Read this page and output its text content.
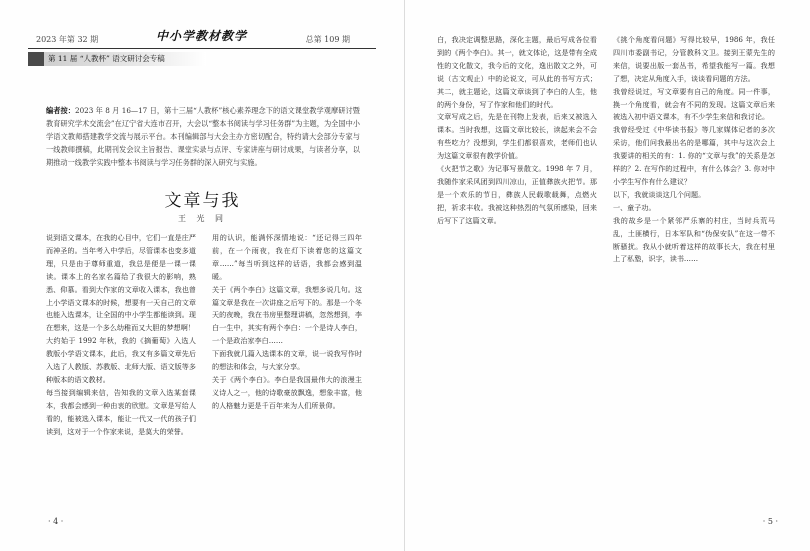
2023 年第 32 期	中小学教材教学	总第 109 期
第 11 届 “人教杯” 语文研讨会专稿
编者按：2023 年 8 月 16—17 日，第十三届“人教杯”核心素养理念下的语文课堂教学观摩研讨暨教育研究学术交流会”在辽宁省大连市召开，大会以“整本书阅读与学习任务群”为主题，为全国中小学语文教师搭建教学交流与展示平台。本刊编辑部与大会主办方密切配合，特约请大会部分专家与一线教师撰稿，此期刊发会议主旨报告、课堂实录与点评、专家讲座与研讨成果，与读者分享，以期推动一线教学实践中整本书阅读与学习任务群的深入研究与实施。
文章与我
王 光 同
说到语文课本，在我的心目中，它们一直是庄严而神圣的。当年考入中学后，尽管课本也变多道理，只是由于尊师重道，我总是便是一课一课读。课本上的名家名篇给了我很大的影响，熟悉、仰慕。看到大作家的文章收入课本，我也曾上小学语文课本的时候，想要有一天自己的文章也能入选课本，让全国的中小学生都能读到。现在想来，这是一个多么幼稚而又大胆的梦想啊！
大约始于 1992 年秋，我的《摘葡萄》入选人教版小学语文课本，此后，我又有多篇文章先后入选了人教版、苏教版、北师大版、语文版等多种版本的语文教材。
每当接到编辑来信，告知我的文章入选某套课本，我都会感到一种由衷的欣慰。文章是写给人看的，能被选入课本，能让一代又一代的孩子们读到，这对于一个作家来说，是莫大的荣誉。
用的认识，能满怀深情地说：“还记得三四年前，在一个雨夜，我在灯下读着您的这篇文章……”每当听到这样的话语，我都会感到温暖。
关于《两个李白》这篇文章，我想多说几句。这篇文章是我在一次讲座之后写下的。那是一个冬天的夜晚，我在书房里整理讲稿，忽然想到，李白一生中，其实有两个李白：一个是诗人李白，一个是政治家李白……
下面我就几篇入选课本的文章，说一说我写作时的想法和体会，与大家分享。
关于《两个李白》。李白是我国最伟大的浪漫主义诗人之一，他的诗歌豪放飘逸，想象丰富，他的人格魅力更是千百年来为人们所景仰。
· 4 ·
白，我决定调整思路，深化主题，最后写成各位看到的《两个李白》。其一，就文体论，这是带有全成性的文化散文，我今后的文化，逸出散文之外，可说（古文观止）中的论说文，可从此的书写方式；其二，就主题论，这篇文章谈到了李白的人生，他的两个身份，写了作家和他们的时代。
文章写成之后，先是在刊物上发表，后来又被选入课本。当时我想，这篇文章比较长，读起来会不会有些吃力？没想到，学生们都很喜欢，老师们也认为这篇文章很有教学价值。
《火把节之歌》为记事写景散文。1998 年 7 月，我随作家采风团到四川凉山，正值彝族火把节。那是一个欢乐的节日，彝族人民载歌载舞，点燃火把，祈求丰收。我被这种热烈的气氛所感染，回来后写下了这篇文章。
《挑个角度看问题》写得比较早，1986 年，我任四川市委副书记，分管教科文卫。接到王蒙先生的来信，说要出版一套丛书，希望我能写一篇。我想了想，决定从角度入手，谈谈看问题的方法。
我曾经说过，写文章要有自己的角度。同一件事，换一个角度看，就会有不同的发现。这篇文章后来被选入初中语文课本，有不少学生来信和我讨论。
我曾经受过《中华读书报》等几家媒体记者的多次采访，他们问我最出名的是哪篇，其中与这次会上我要讲的相关的有：1. 你的“文章与我”的关系是怎样的？2. 在写作的过程中，有什么体会？3. 你对中小学生写作有什么建议？
以下，我就谈谈这几个问题。
一、童子功。
我的故乡是一个紧邻严乐寨的村庄，当时兵荒马乱，土匪横行，日本军队和“伪保安队”在这一带不断骚扰。我从小就听着这样的故事长大，我在村里上了私塾，识字，读书……
· 5 ·
